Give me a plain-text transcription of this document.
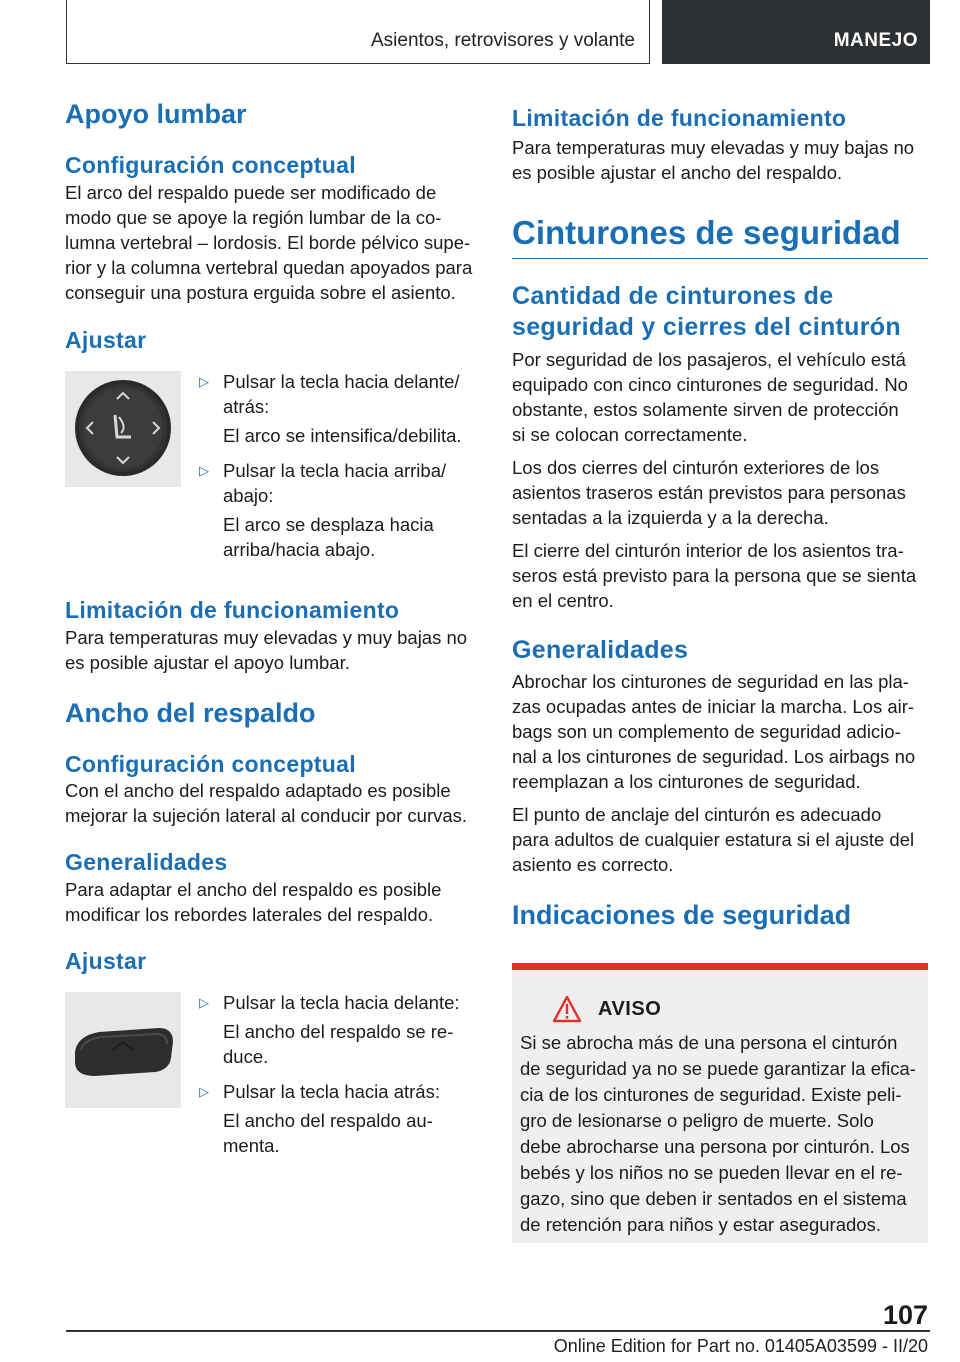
Asientos, retrovisores y volante	MANEJO
Apoyo lumbar
Configuración conceptual

El arco del respaldo puede ser modificado de
modo que se apoye la región lumbar de la co-
lumna vertebral – lordosis. El borde pélvico supe-
rior y la columna vertebral quedan apoyados para
conseguir una postura erguida sobre el asiento.

Ajustar
▷ Pulsar la tecla hacia delante/
atrás:
El arco se intensifica/debilita.
▷ Pulsar la tecla hacia arriba/
abajo:
El arco se desplaza hacia
arriba/hacia abajo.
Limitación de funcionamiento

Para temperaturas muy elevadas y muy bajas no
es posible ajustar el apoyo lumbar.

Ancho del respaldo
Configuración conceptual

Con el ancho del respaldo adaptado es posible
mejorar la sujeción lateral al conducir por curvas.

Generalidades

Para adaptar el ancho del respaldo es posible
modificar los rebordes laterales del respaldo.

Ajustar
▷ Pulsar la tecla hacia delante:
El ancho del respaldo se re-
duce.
▷ Pulsar la tecla hacia atrás:
El ancho del respaldo au-
menta.
Limitación de funcionamiento

Para temperaturas muy elevadas y muy bajas no
es posible ajustar el ancho del respaldo.

Cinturones de seguridad
Cantidad de cinturones de
seguridad y cierres del cinturón

Por seguridad de los pasajeros, el vehículo está
equipado con cinco cinturones de seguridad. No
obstante, estos solamente sirven de protección
si se colocan correctamente.

Los dos cierres del cinturón exteriores de los
asientos traseros están previstos para personas
sentadas a la izquierda y a la derecha.

El cierre del cinturón interior de los asientos tra-
seros está previsto para la persona que se sienta
en el centro.

Generalidades

Abrochar los cinturones de seguridad en las pla-
zas ocupadas antes de iniciar la marcha. Los air-
bags son un complemento de seguridad adicio-
nal a los cinturones de seguridad. Los airbags no
reemplazan a los cinturones de seguridad.

El punto de anclaje del cinturón es adecuado
para adultos de cualquier estatura si el ajuste del
asiento es correcto.

Indicaciones de seguridad
AVISO
Si se abrocha más de una persona el cinturón
de seguridad ya no se puede garantizar la efica-
cia de los cinturones de seguridad. Existe peli-
gro de lesionarse o peligro de muerte. Solo
debe abrocharse una persona por cinturón. Los
bebés y los niños no se pueden llevar en el re-
gazo, sino que deben ir sentados en el sistema
de retención para niños y estar asegurados.
107
Online Edition for Part no. 01405A03599 - II/20
